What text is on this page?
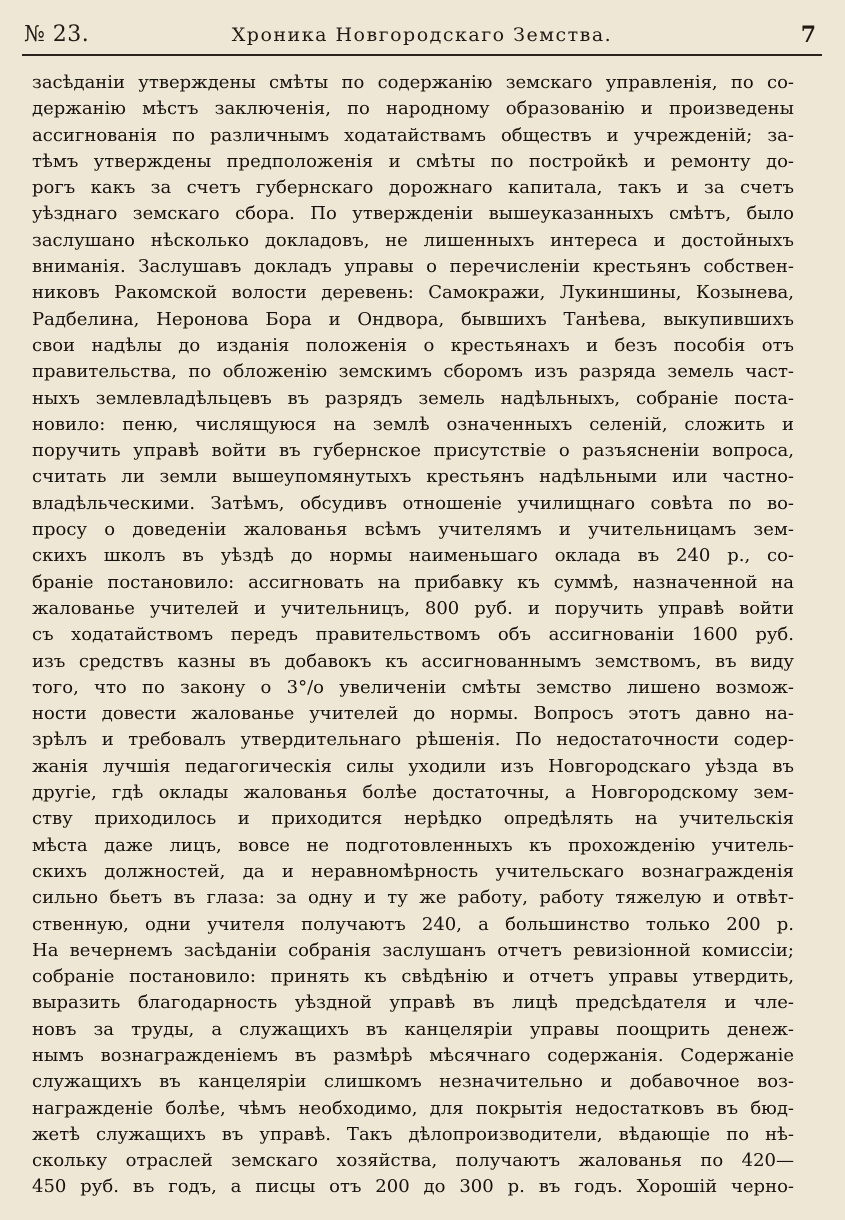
№ 23.	Хроника Новгородскаго Земства.	7
засѣданіи утверждены смѣты по содержанію земскаго управленія, по со-
держанію мѣстъ заключенія, по народному образованію и произведены
ассигнованія по различнымъ ходатайствамъ обществъ и учрежденій; за-
тѣмъ утверждены предположенія и смѣты по постройкѣ и ремонту до-
рогъ какъ за счетъ губернскаго дорожнаго капитала, такъ и за счетъ
уѣзднаго земскаго сбора. По утвержденіи вышеуказанныхъ смѣтъ, было
заслушано нѣсколько докладовъ, не лишенныхъ интереса и достойныхъ
вниманія. Заслушавъ докладъ управы о перечисленіи крестьянъ собствен-
никовъ Ракомской волости деревень: Самокражи, Лукиншины, Козынева,
Радбелина, Неронова Бора и Ондвора, бывшихъ Танѣева, выкупившихъ
свои надѣлы до изданія положенія о крестьянахъ и безъ пособія отъ
правительства, по обложенію земскимъ сборомъ изъ разряда земель част-
ныхъ землевладѣльцевъ въ разрядъ земель надѣльныхъ, собраніе поста-
новило: пеню, числящуюся на землѣ означенныхъ селеній, сложить и
поручить управѣ войти въ губернское присутствіе о разъясненіи вопроса,
считать ли земли вышеупомянутыхъ крестьянъ надѣльными или частно-
владѣльческими. Затѣмъ, обсудивъ отношеніе училищнаго совѣта по во-
просу о доведеніи жалованья всѣмъ учителямъ и учительницамъ зем-
скихъ школъ въ уѣздѣ до нормы наименьшаго оклада въ 240 р., со-
браніе постановило: ассигновать на прибавку къ суммѣ, назначенной на
жалованье учителей и учительницъ, 800 руб. и поручить управѣ войти
съ ходатайствомъ передъ правительствомъ объ ассигнованіи 1600 руб.
изъ средствъ казны въ добавокъ къ ассигнованнымъ земствомъ, въ виду
того, что по закону о 3°/о увеличеніи смѣты земство лишено возмож-
ности довести жалованье учителей до нормы. Вопросъ этотъ давно на-
зрѣлъ и требовалъ утвердительнаго рѣшенія. По недостаточности содер-
жанія лучшія педагогическія силы уходили изъ Новгородскаго уѣзда въ
другіе, гдѣ оклады жалованья болѣе достаточны, а Новгородскому зем-
ству приходилось и приходится нерѣдко опредѣлять на учительскія
мѣста даже лицъ, вовсе не подготовленныхъ къ прохожденію учитель-
скихъ должностей, да и неравномѣрность учительскаго вознагражденія
сильно бьетъ въ глаза: за одну и ту же работу, работу тяжелую и отвѣт-
ственную, одни учителя получаютъ 240, а большинство только 200 р.
На вечернемъ засѣданіи собранія заслушанъ отчетъ ревизіонной комиссіи;
собраніе постановило: принять къ свѣдѣнію и отчетъ управы утвердить,
выразить благодарность уѣздной управѣ въ лицѣ предсѣдателя и чле-
новъ за труды, а служащихъ въ канцеляріи управы поощрить денеж-
нымъ вознагражденіемъ въ размѣрѣ мѣсячнаго содержанія. Содержаніе
служащихъ въ канцеляріи слишкомъ незначительно и добавочное воз-
награжденіе болѣе, чѣмъ необходимо, для покрытія недостатковъ въ бюд-
жетѣ служащихъ въ управѣ. Такъ дѣлопроизводители, вѣдающіе по нѣ-
скольку отраслей земскаго хозяйства, получаютъ жалованья по 420—
450 руб. въ годъ, а писцы отъ 200 до 300 р. въ годъ. Хорошій черно-
